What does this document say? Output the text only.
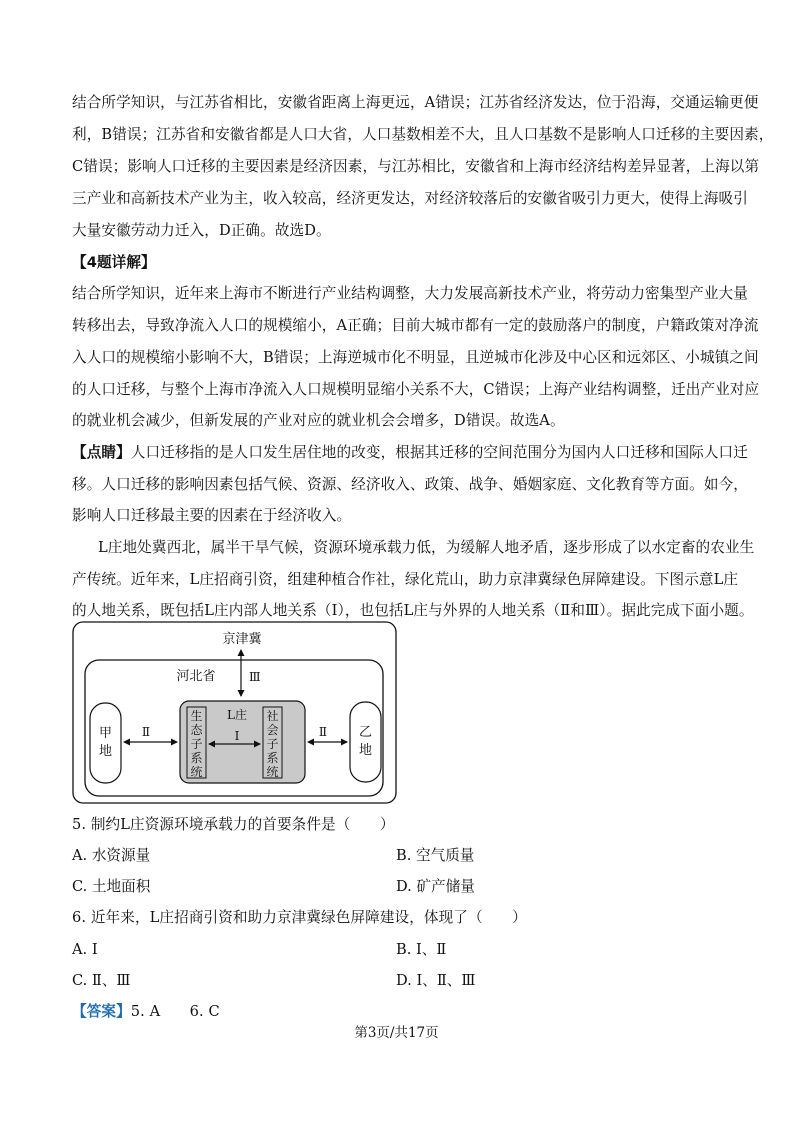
结合所学知识，与江苏省相比，安徽省距离上海更远，A错误；江苏省经济发达，位于沿海，交通运输更便
利，B错误；江苏省和安徽省都是人口大省，人口基数相差不大，且人口基数不是影响人口迁移的主要因素，
C错误；影响人口迁移的主要因素是经济因素，与江苏相比，安徽省和上海市经济结构差异显著，上海以第
三产业和高新技术产业为主，收入较高，经济更发达，对经济较落后的安徽省吸引力更大，使得上海吸引
大量安徽劳动力迁入，D正确。故选D。
【4题详解】
结合所学知识，近年来上海市不断进行产业结构调整，大力发展高新技术产业，将劳动力密集型产业大量
转移出去，导致净流入人口的规模缩小，A正确；目前大城市都有一定的鼓励落户的制度，户籍政策对净流
入人口的规模缩小影响不大，B错误；上海逆城市化不明显，且逆城市化涉及中心区和远郊区、小城镇之间
的人口迁移，与整个上海市净流入人口规模明显缩小关系不大，C错误；上海产业结构调整，迁出产业对应
的就业机会减少，但新发展的产业对应的就业机会会增多，D错误。故选A。
【点睛】人口迁移指的是人口发生居住地的改变，根据其迁移的空间范围分为国内人口迁移和国际人口迁
移。人口迁移的影响因素包括气候、资源、经济收入、政策、战争、婚姻家庭、文化教育等方面。如今，
影响人口迁移最主要的因素在于经济收入。
L庄地处冀西北，属半干旱气候，资源环境承载力低，为缓解人地矛盾，逐步形成了以水定畜的农业生
产传统。近年来，L庄招商引资，组建种植合作社，绿化荒山，助力京津冀绿色屏障建设。下图示意L庄
的人地关系，既包括L庄内部人地关系（Ⅰ），也包括L庄与外界的人地关系（Ⅱ和Ⅲ）。据此完成下面小题。
京津冀
河北省	Ⅲ
L庄
Ⅰ
生
态
子
系
统
社
会
子
系
统
甲
地
乙
地
Ⅱ	Ⅱ
5. 制约L庄资源环境承载力的首要条件是（　　）
A. 水资源量	B. 空气质量
C. 土地面积	D. 矿产储量
6. 近年来，L庄招商引资和助力京津冀绿色屏障建设，体现了（　　）
A. Ⅰ	B. Ⅰ、Ⅱ
C. Ⅱ、Ⅲ	D. Ⅰ、Ⅱ、Ⅲ
【答案】5. A　　6. C
第3页/共17页
